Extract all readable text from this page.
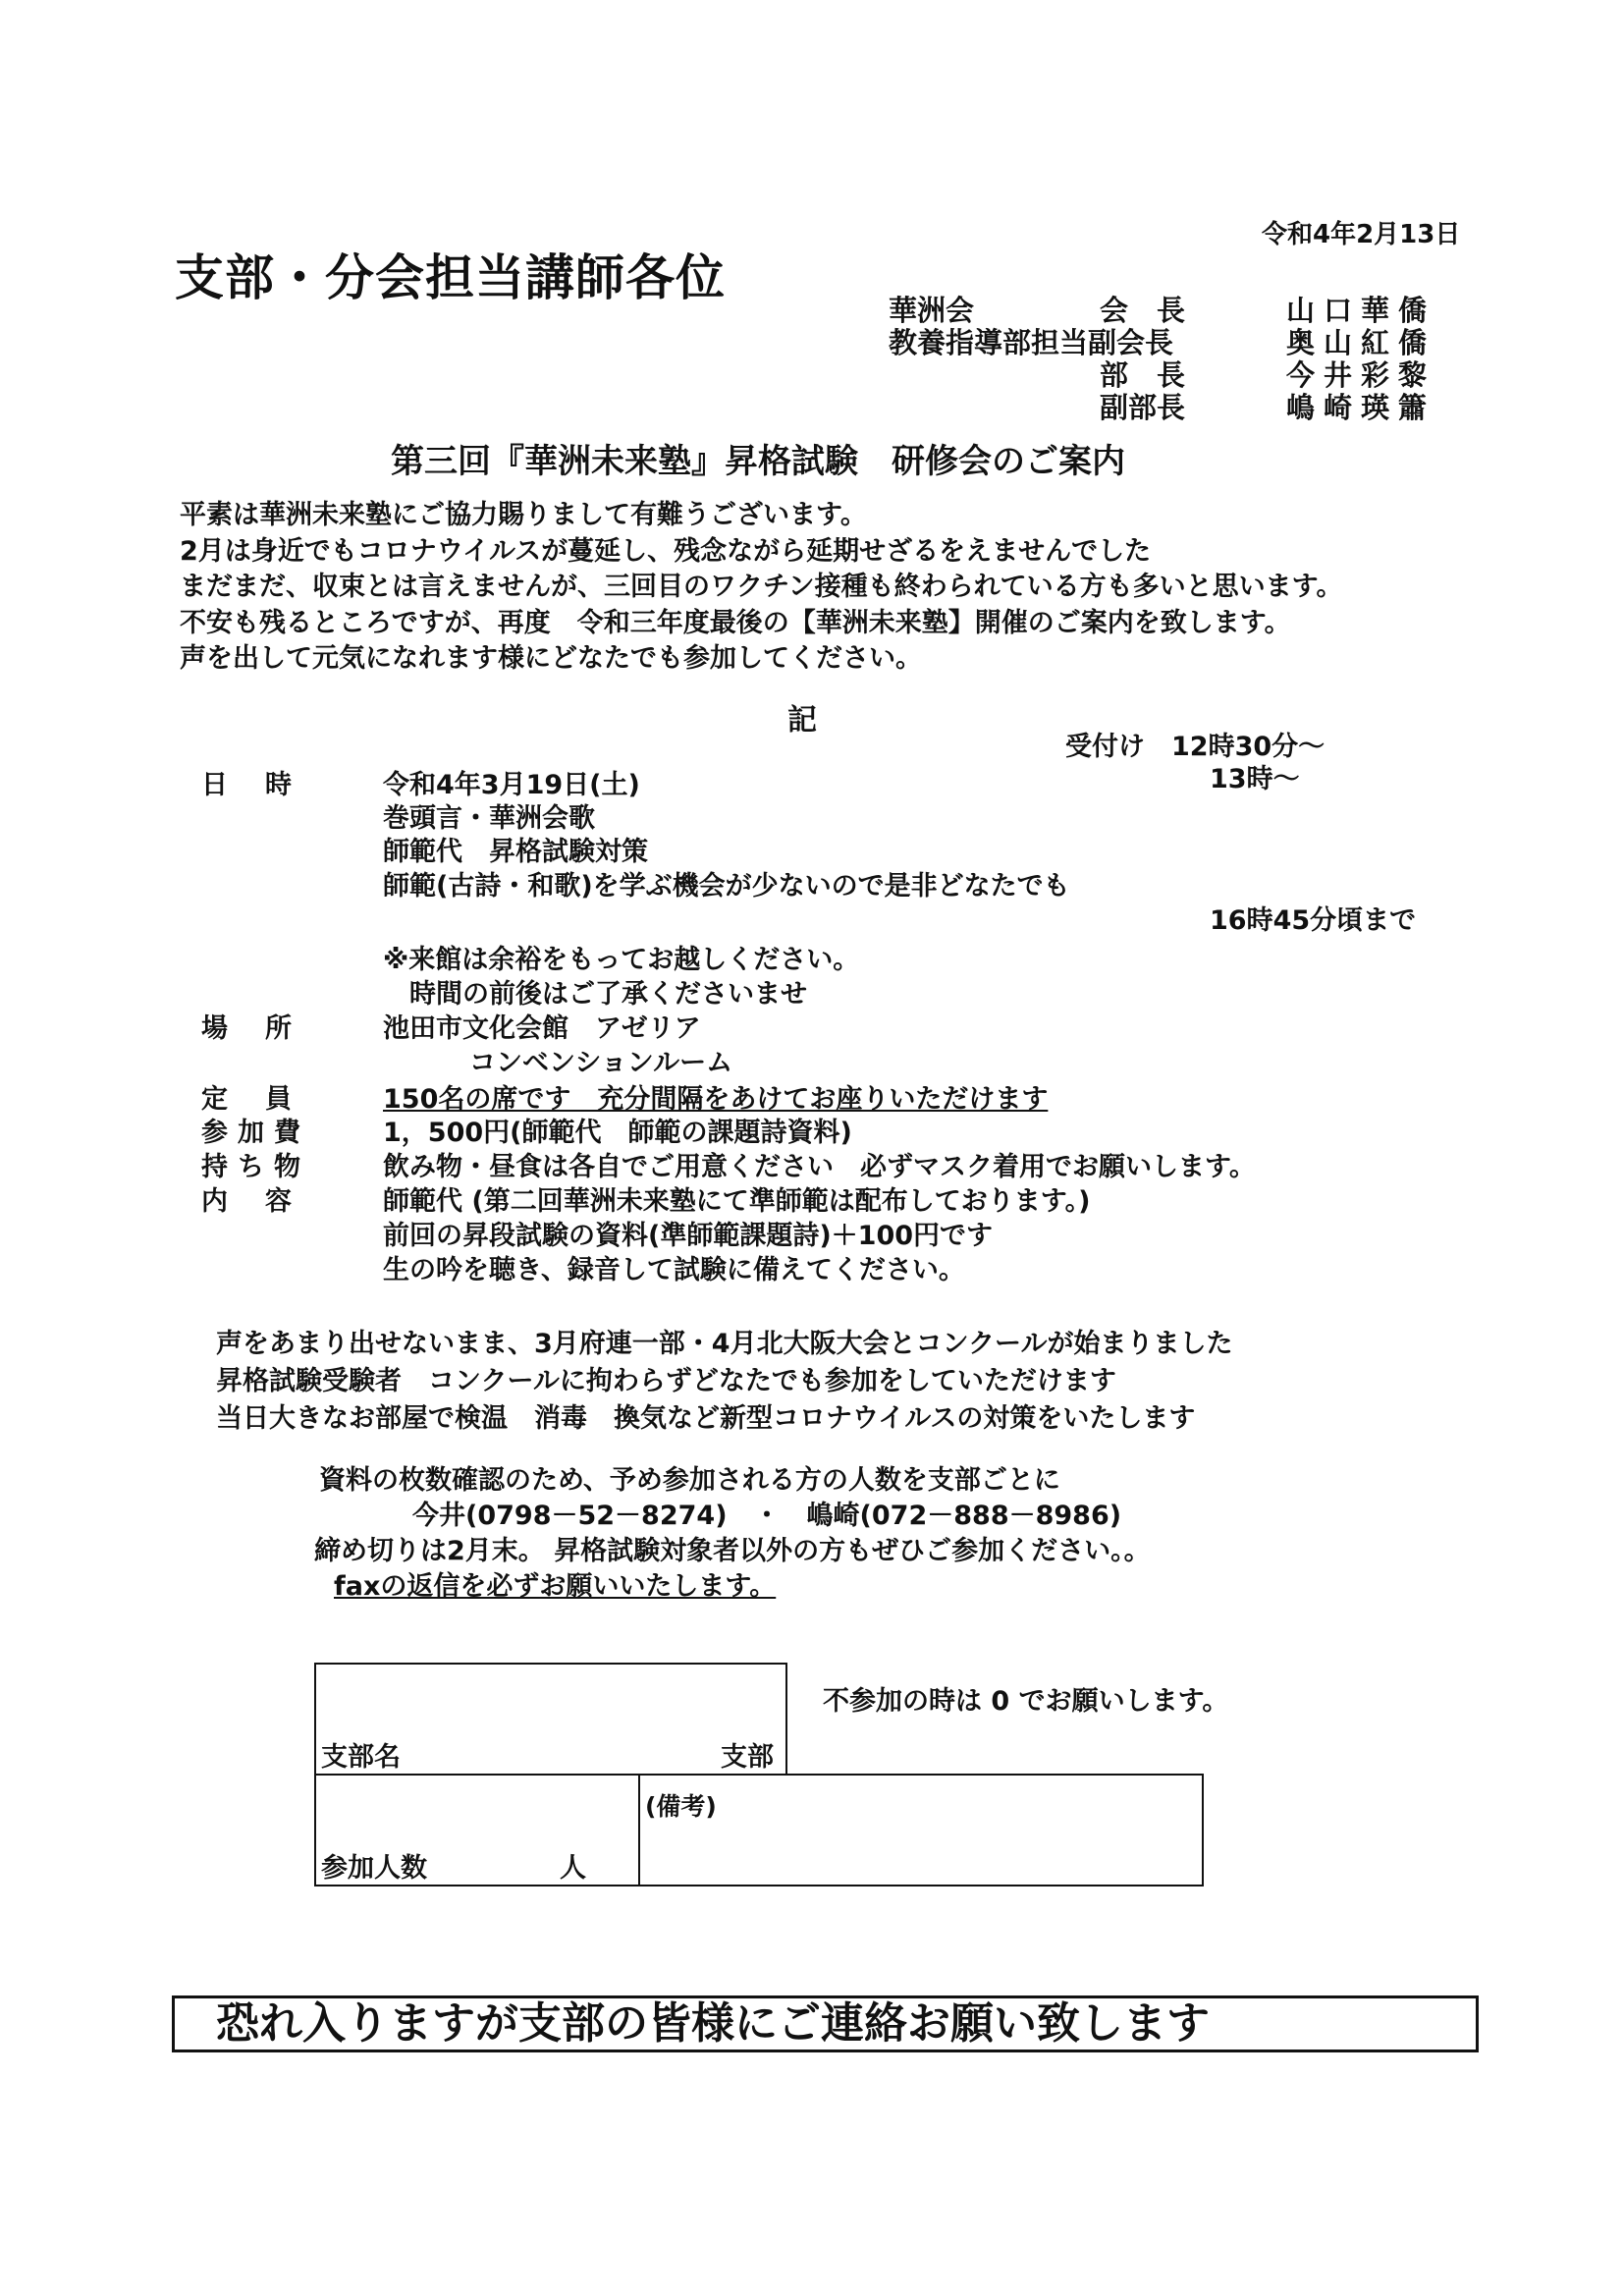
令和4年2月13日
支部・分会担当講師各位
華洲会	会　長	山口華僑
教養指導部担当副会長	奥山紅僑
部　長	今井彩黎
副部長	嶋崎瑛簫
第三回『華洲未来塾』昇格試験　研修会のご案内
平素は華洲未来塾にご協力賜りまして有難うございます。
2月は身近でもコロナウイルスが蔓延し、残念ながら延期せざるをえませんでした
まだまだ、収束とは言えませんが、三回目のワクチン接種も終わられている方も多いと思います。
不安も残るところですが、再度　令和三年度最後の【華洲未来塾】開催のご案内を致します。
声を出して元気になれます様にどなたでも参加してください。
記
受付け　12時30分～
13時～
16時45分頃まで
日時 令和4年3月19日(土)
巻頭言・華洲会歌
師範代　昇格試験対策
師範(古詩・和歌)を学ぶ機会が少ないので是非どなたでも
※来館は余裕をもってお越しください。
　時間の前後はご了承くださいませ
場所 池田市文化会館　アゼリア
コンベンションルーム
定員 150名の席です　充分間隔をあけてお座りいただけます
参加費	1，500円(師範代　師範の課題詩資料)
持ち物	飲み物・昼食は各自でご用意ください　必ずマスク着用でお願いします。
内容 師範代 (第二回華洲未来塾にて準師範は配布しております。)
前回の昇段試験の資料(準師範課題詩)＋100円です
生の吟を聴き、録音して試験に備えてください。
声をあまり出せないまま、3月府連一部・4月北大阪大会とコンクールが始まりました
昇格試験受験者　コンクールに拘わらずどなたでも参加をしていただけます
当日大きなお部屋で検温　消毒　換気など新型コロナウイルスの対策をいたします
資料の枚数確認のため、予め参加される方の人数を支部ごとに
今井(0798－52－8274)　・　嶋崎(072－888－8986)
締め切りは2月末。 昇格試験対象者以外の方もぜひご参加ください。。
faxの返信を必ずお願いいたします。
支部名	支部
不参加の時は 0 でお願いします。
参加人数	人
(備考)
恐れ入りますが支部の皆様にご連絡お願い致します
